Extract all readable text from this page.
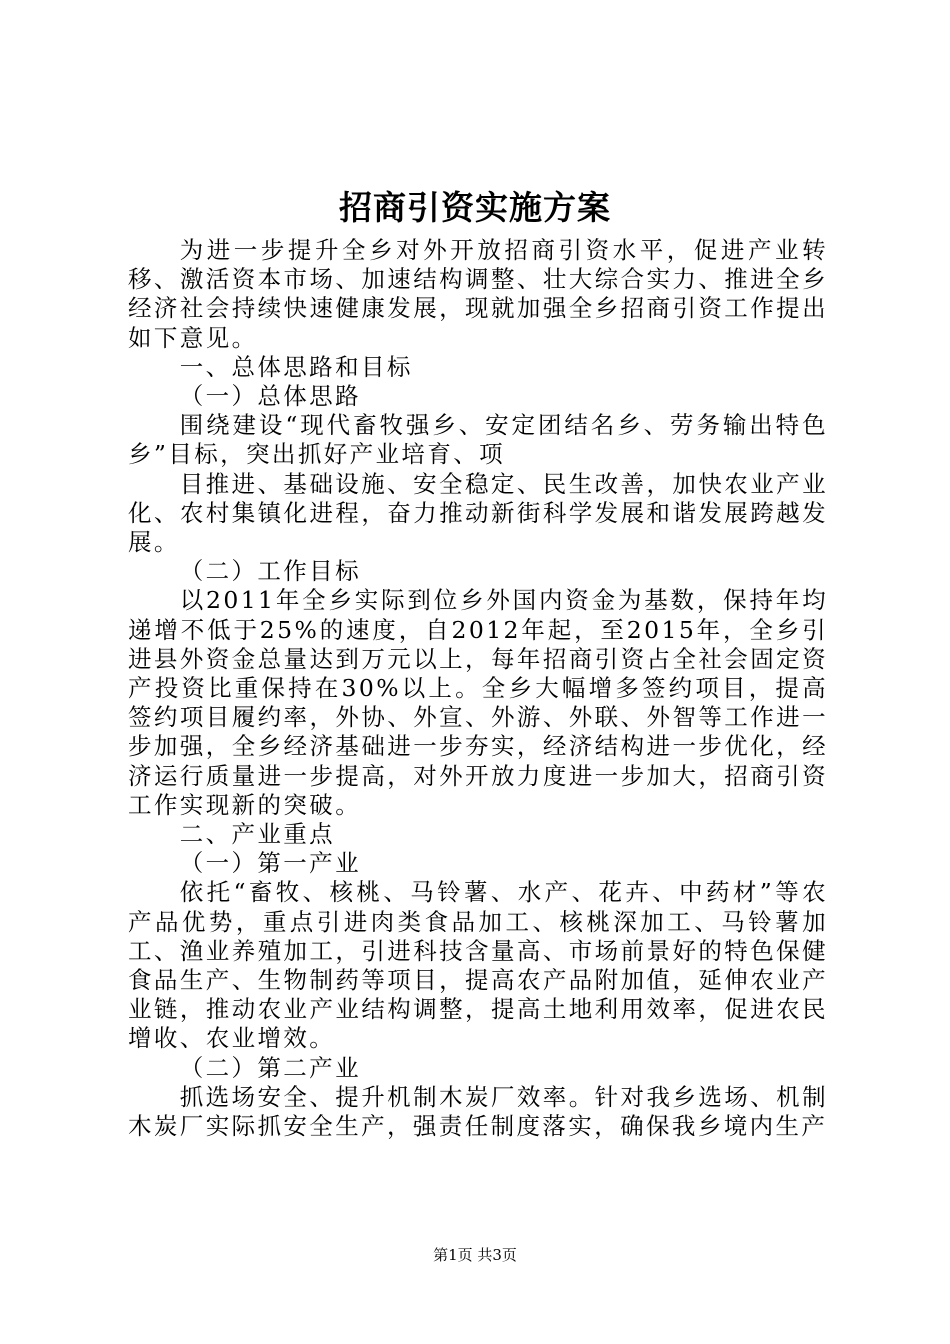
招商引资实施方案

为进一步提升全乡对外开放招商引资水平，促进产业转移、激活资本市场、加速结构调整、壮大综合实力、推进全乡经济社会持续快速健康发展，现就加强全乡招商引资工作提出如下意见。

一、总体思路和目标

（一）总体思路

围绕建设“现代畜牧强乡、安定团结名乡、劳务输出特色乡”目标，突出抓好产业培育、项

目推进、基础设施、安全稳定、民生改善，加快农业产业化、农村集镇化进程，奋力推动新街科学发展和谐发展跨越发展。

（二）工作目标

以2011年全乡实际到位乡外国内资金为基数，保持年均递增不低于25%的速度，自2012年起，至2015年，全乡引进县外资金总量达到万元以上，每年招商引资占全社会固定资产投资比重保持在30%以上。全乡大幅增多签约项目，提高签约项目履约率，外协、外宣、外游、外联、外智等工作进一步加强，全乡经济基础进一步夯实，经济结构进一步优化，经济运行质量进一步提高，对外开放力度进一步加大，招商引资工作实现新的突破。

二、产业重点

（一）第一产业

依托“畜牧、核桃、马铃薯、水产、花卉、中药材”等农产品优势，重点引进肉类食品加工、核桃深加工、马铃薯加工、渔业养殖加工，引进科技含量高、市场前景好的特色保健食品生产、生物制药等项目，提高农产品附加值，延伸农业产业链，推动农业产业结构调整，提高土地利用效率，促进农民增收、农业增效。

（二）第二产业

抓选场安全、提升机制木炭厂效率。针对我乡选场、机制木炭厂实际抓安全生产，强责任制度落实，确保我乡境内生产

第1页 共3页
